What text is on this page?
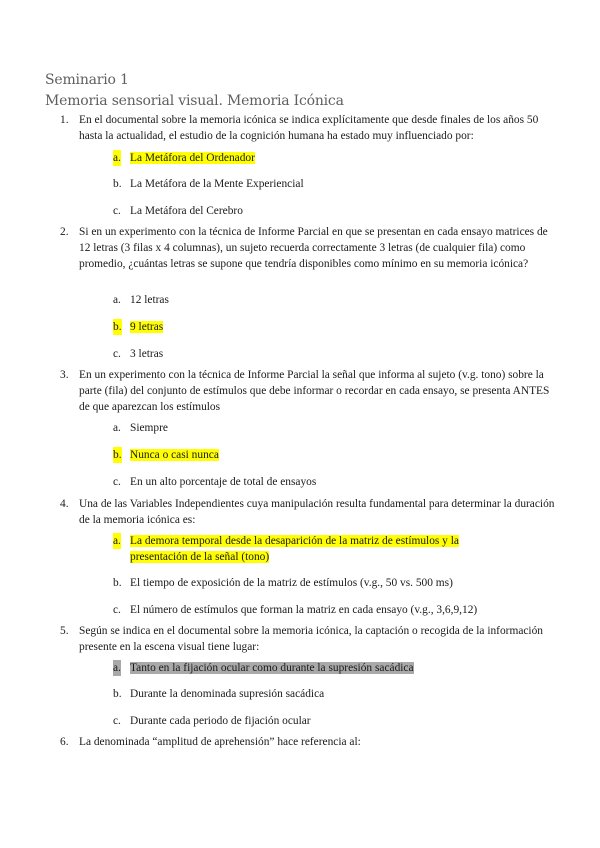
Seminario 1
Memoria sensorial visual. Memoria Icónica
1. En el documental sobre la memoria icónica se indica explícitamente que desde finales de los años 50 hasta la actualidad, el estudio de la cognición humana ha estado muy influenciado por:
a. La Metáfora del Ordenador
b. La Metáfora de la Mente Experiencial
c. La Metáfora del Cerebro
2. Si en un experimento con la técnica de Informe Parcial en que se presentan en cada ensayo matrices de 12 letras (3 filas x 4 columnas), un sujeto recuerda correctamente 3 letras (de cualquier fila) como promedio, ¿cuántas letras se supone que tendría disponibles como mínimo en su memoria icónica?
a. 12 letras
b. 9 letras
c. 3 letras
3. En un experimento con la técnica de Informe Parcial la señal que informa al sujeto (v.g. tono) sobre la parte (fila) del conjunto de estímulos que debe informar o recordar en cada ensayo, se presenta ANTES de que aparezcan los estímulos
a. Siempre
b. Nunca o casi nunca
c. En un alto porcentaje de total de ensayos
4. Una de las Variables Independientes cuya manipulación resulta fundamental para determinar la duración de la memoria icónica es:
a. La demora temporal desde la desaparición de la matriz de estímulos y la presentación de la señal (tono)
b. El tiempo de exposición de la matriz de estímulos (v.g., 50 vs. 500 ms)
c. El número de estímulos que forman la matriz en cada ensayo (v.g., 3,6,9,12)
5. Según se indica en el documental sobre la memoria icónica, la captación o recogida de la información presente en la escena visual tiene lugar:
a. Tanto en la fijación ocular como durante la supresión sacádica
b. Durante la denominada supresión sacádica
c. Durante cada periodo de fijación ocular
6. La denominada “amplitud de aprehensión” hace referencia al:
